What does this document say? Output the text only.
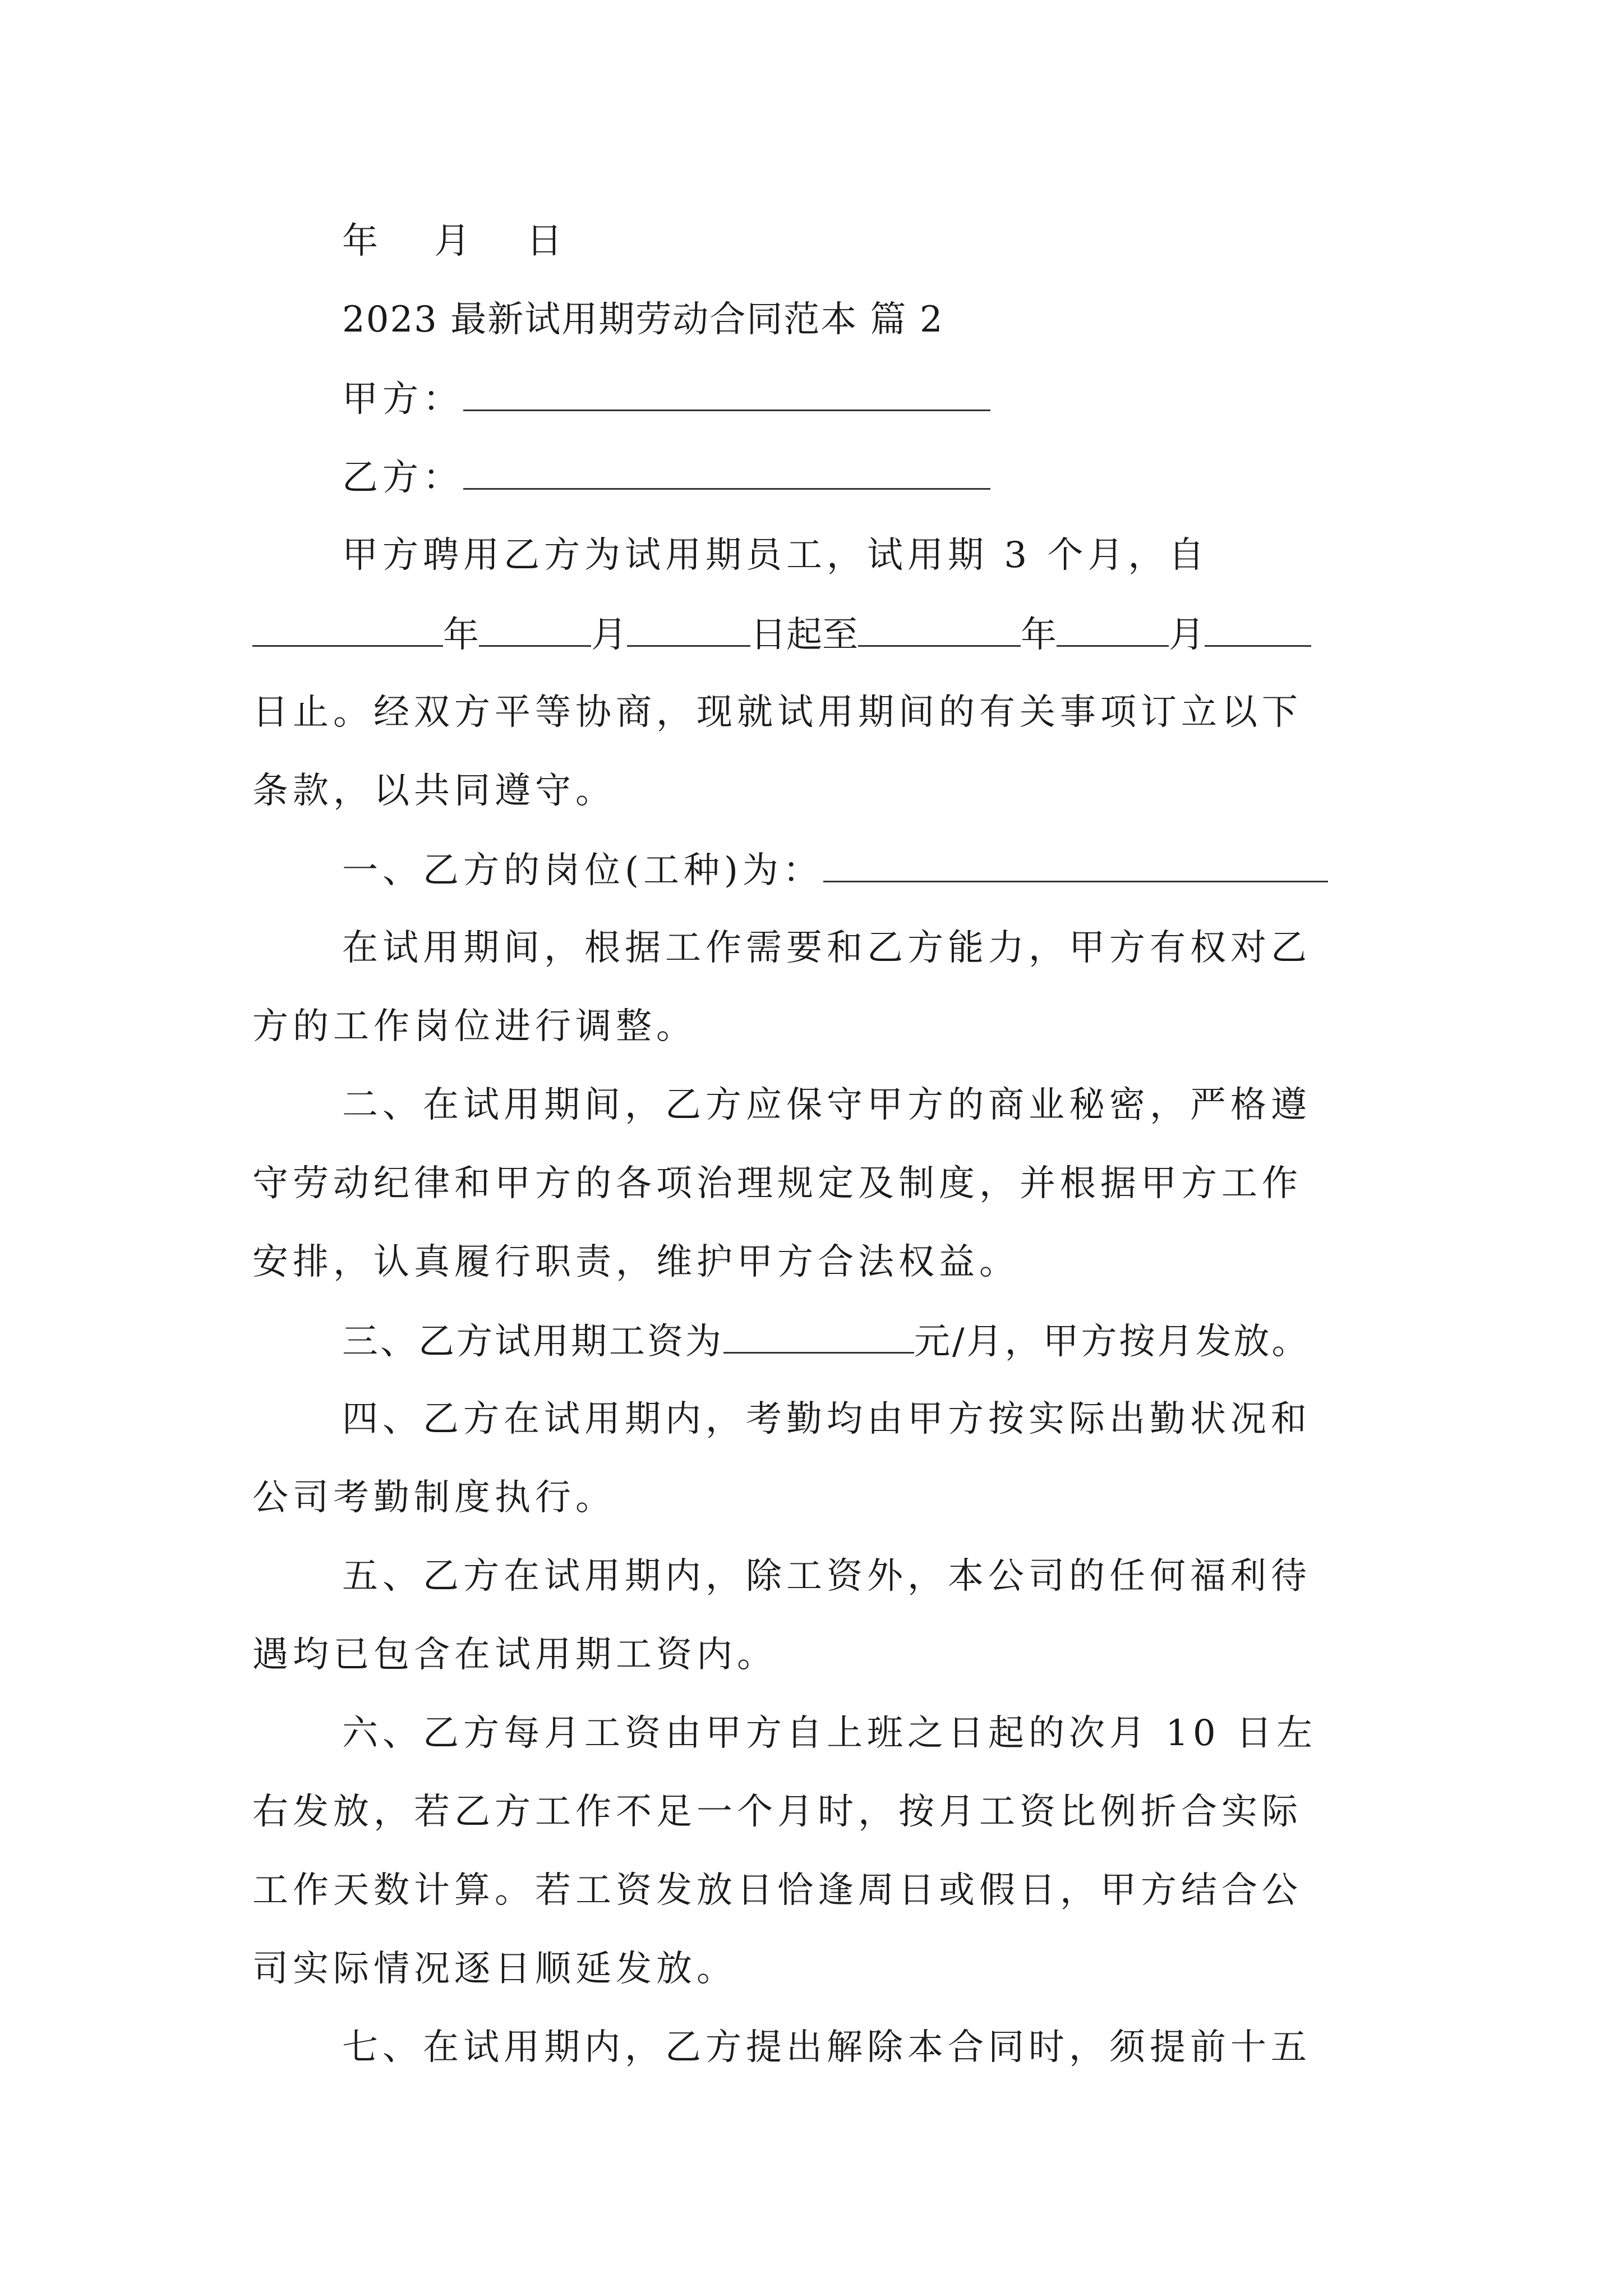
年 月 日
2023 最新试用期劳动合同范本 篇 2
甲方：
乙方：
甲方聘用乙方为试用期员工，试用期 3 个月，自
年	月	日起至	年	月
日止。经双方平等协商，现就试用期间的有关事项订立以下
条款，以共同遵守。
一、乙方的岗位(工种)为：
在试用期间，根据工作需要和乙方能力，甲方有权对乙
方的工作岗位进行调整。
二、在试用期间，乙方应保守甲方的商业秘密，严格遵
守劳动纪律和甲方的各项治理规定及制度，并根据甲方工作
安排，认真履行职责，维护甲方合法权益。
三、乙方试用期工资为	元/月，甲方按月发放。
四、乙方在试用期内，考勤均由甲方按实际出勤状况和
公司考勤制度执行。
五、乙方在试用期内，除工资外，本公司的任何福利待
遇均已包含在试用期工资内。
六、乙方每月工资由甲方自上班之日起的次月 10 日左
右发放，若乙方工作不足一个月时，按月工资比例折合实际
工作天数计算。若工资发放日恰逢周日或假日，甲方结合公
司实际情况逐日顺延发放。
七、在试用期内，乙方提出解除本合同时，须提前十五
